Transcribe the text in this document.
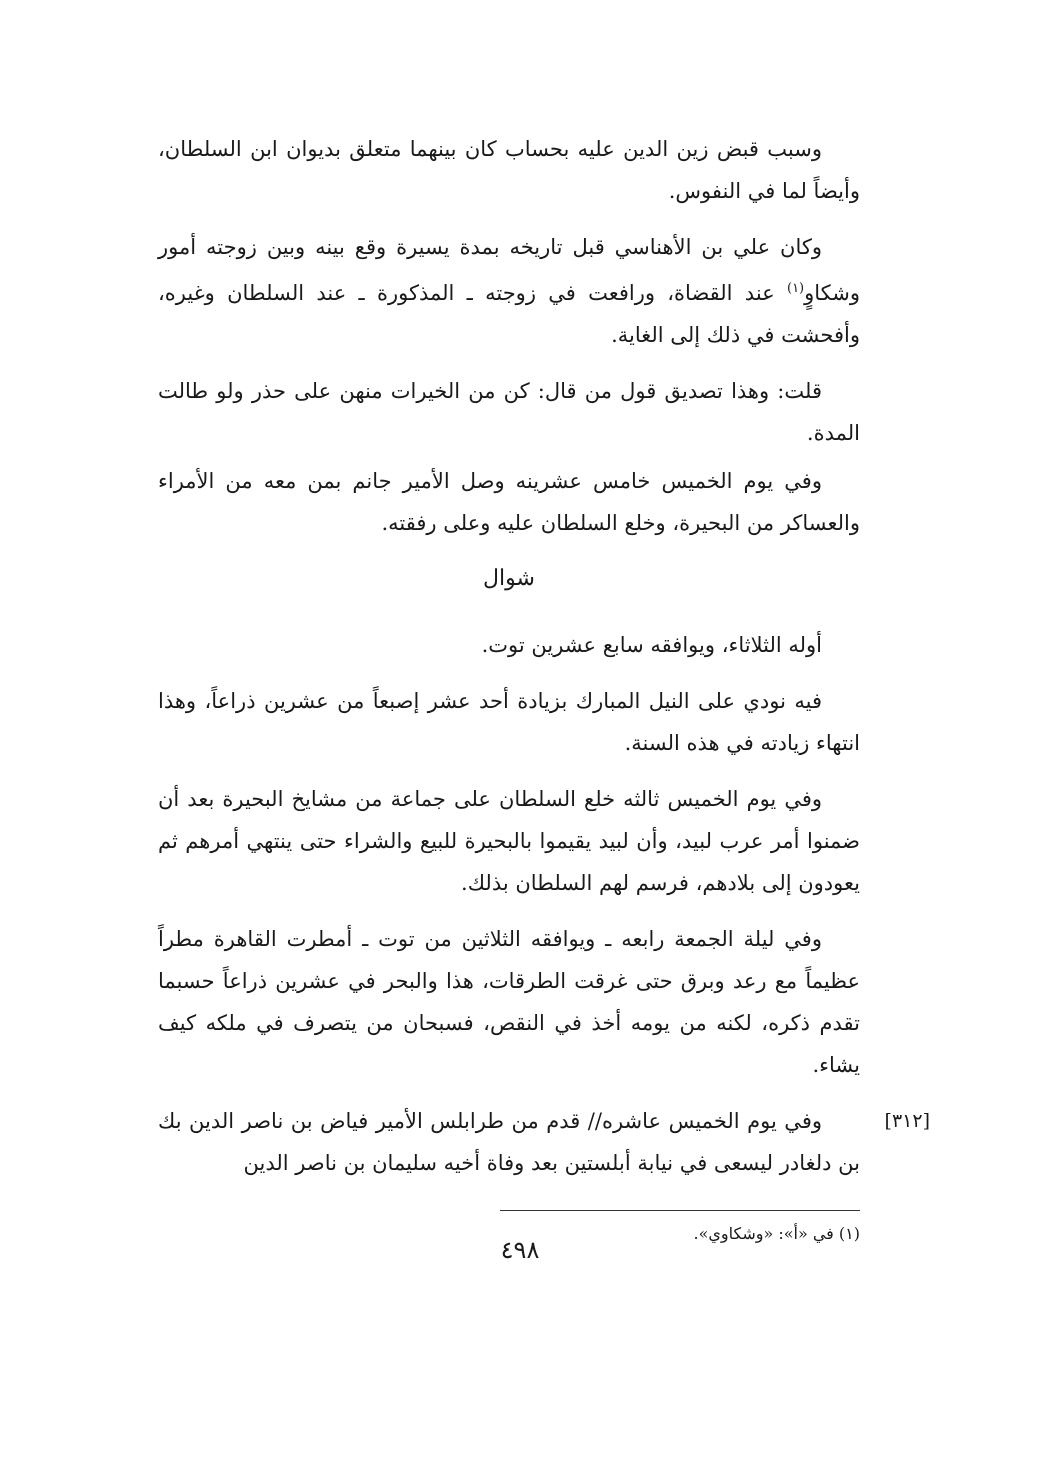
وسبب قبض زين الدين عليه بحساب كان بينهما متعلق بديوان ابن السلطان، وأيضاً لما في النفوس.

وكان علي بن الأهناسي قبل تاريخه بمدة يسيرة وقع بينه وبين زوجته أمور وشكاوٍ$^{(١)}$ عند القضاة، ورافعت في زوجته ـ المذكورة ـ عند السلطان وغيره، وأفحشت في ذلك إلى الغاية.

قلت: وهذا تصديق قول من قال: كن من الخيرات منهن على حذر ولو طالت المدة.

وفي يوم الخميس خامس عشرينه وصل الأمير جانم بمن معه من الأمراء والعساكر من البحيرة، وخلع السلطان عليه وعلى رفقته.

شوال

أوله الثلاثاء، ويوافقه سابع عشرين توت.

فيه نودي على النيل المبارك بزيادة أحد عشر إصبعاً من عشرين ذراعاً، وهذا انتهاء زيادته في هذه السنة.

وفي يوم الخميس ثالثه خلع السلطان على جماعة من مشايخ البحيرة بعد أن ضمنوا أمر عرب لبيد، وأن لبيد يقيموا بالبحيرة للبيع والشراء حتى ينتهي أمرهم ثم يعودون إلى بلادهم، فرسم لهم السلطان بذلك.

وفي ليلة الجمعة رابعه ـ ويوافقه الثلاثين من توت ـ أمطرت القاهرة مطراً عظيماً مع رعد وبرق حتى غرقت الطرقات، هذا والبحر في عشرين ذراعاً حسبما تقدم ذكره، لكنه من يومه أخذ في النقص، فسبحان من يتصرف في ملكه كيف يشاء.

[٣١٢]

وفي يوم الخميس عاشره// قدم من طرابلس الأمير فياض بن ناصر الدين بك بن دلغادر ليسعى في نيابة أبلستين بعد وفاة أخيه سليمان بن ناصر الدين

(١) في «أ»: «وشكاوي».

٤٩٨
